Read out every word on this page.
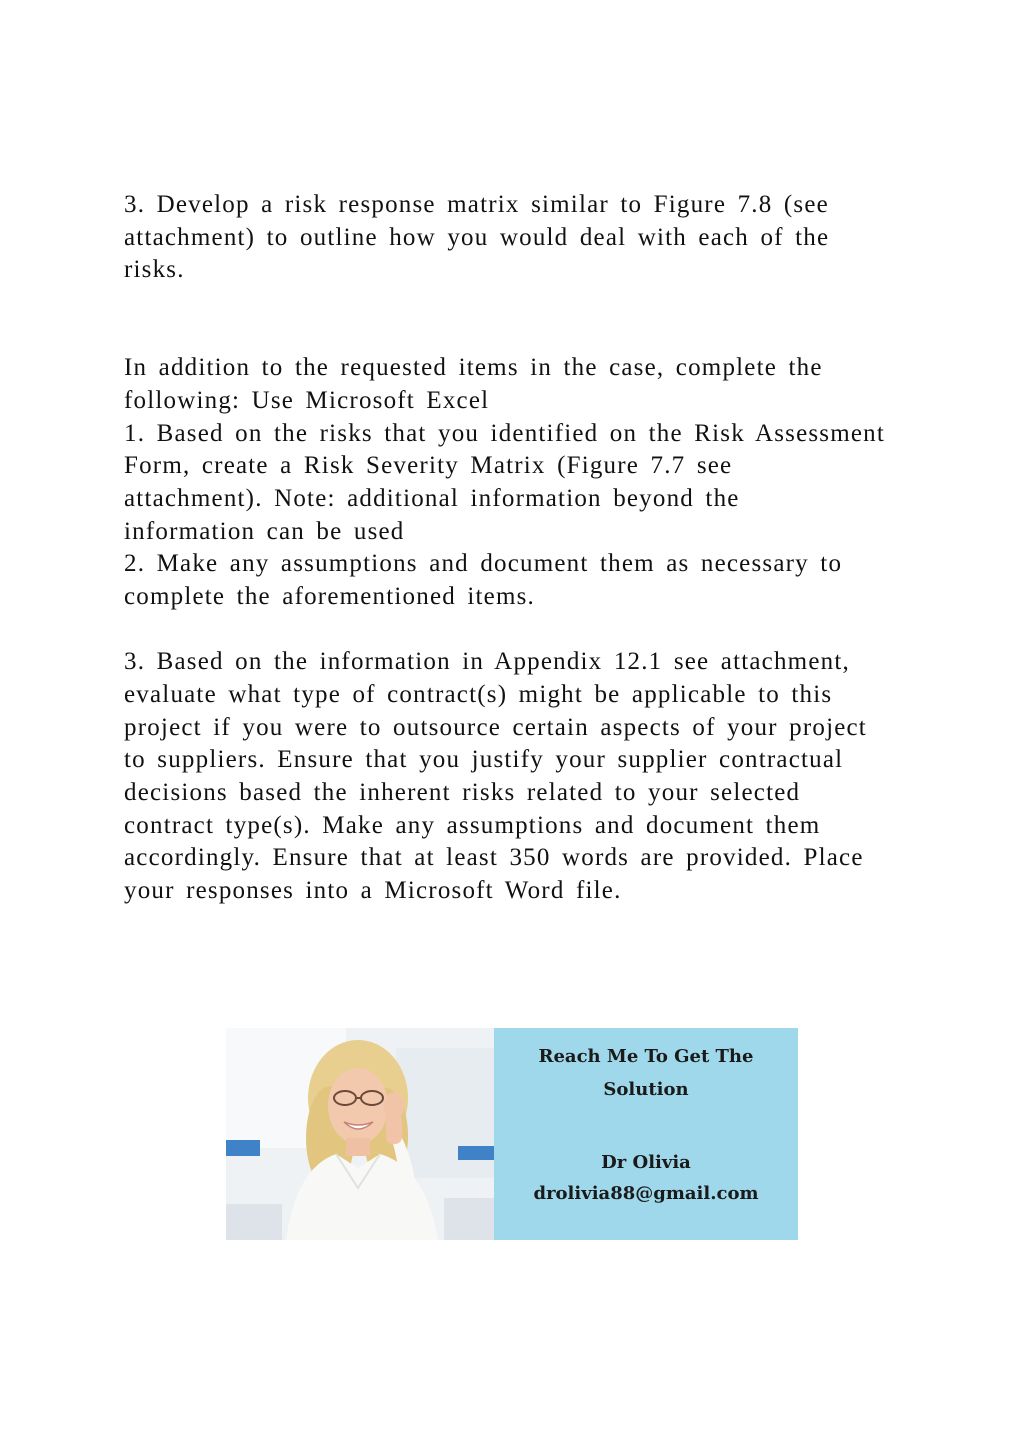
3. Develop a risk response matrix similar to Figure 7.8 (see
attachment) to outline how you would deal with each of the
risks.
In addition to the requested items in the case, complete the
following: Use Microsoft Excel
1. Based on the risks that you identified on the Risk Assessment
Form, create a Risk Severity Matrix (Figure 7.7 see
attachment). Note: additional information beyond the
information can be used
2. Make any assumptions and document them as necessary to
complete the aforementioned items.
3. Based on the information in Appendix 12.1 see attachment,
evaluate what type of contract(s) might be applicable to this
project if you were to outsource certain aspects of your project
to suppliers. Ensure that you justify your supplier contractual
decisions based the inherent risks related to your selected
contract type(s). Make any assumptions and document them
accordingly. Ensure that at least 350 words are provided. Place
your responses into a Microsoft Word file.
Reach Me To Get The
Solution
Dr Olivia
drolivia88@gmail.com
